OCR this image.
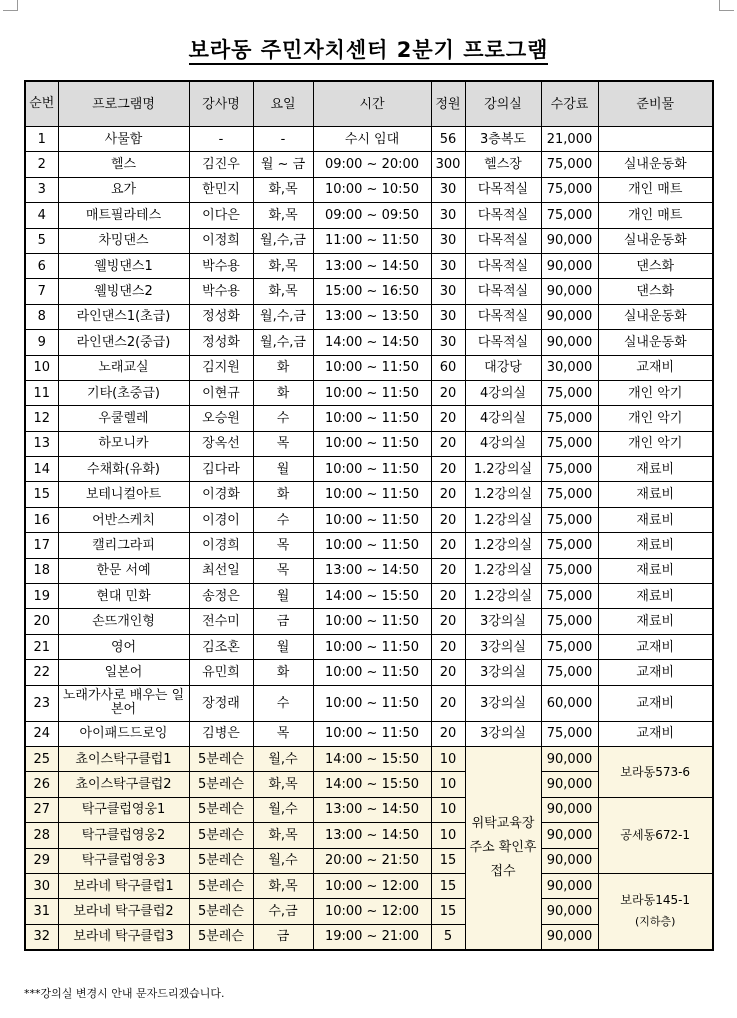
보라동 주민자치센터 2분기 프로그램
순번	프로그램명	강사명	요일	시간	정원	강의실	수강료	준비물
1	사물함	-	-	수시 임대	56	3층복도	21,000	
2	헬스	김진우	월 ~ 금	09:00 ~ 20:00	300	헬스장	75,000	실내운동화
3	요가	한민지	화,목	10:00 ~ 10:50	30	다목적실	75,000	개인 매트
4	매트필라테스	이다은	화,목	09:00 ~ 09:50	30	다목적실	75,000	개인 매트
5	차밍댄스	이정희	월,수,금	11:00 ~ 11:50	30	다목적실	90,000	실내운동화
6	웰빙댄스1	박수용	화,목	13:00 ~ 14:50	30	다목적실	90,000	댄스화
7	웰빙댄스2	박수용	화,목	15:00 ~ 16:50	30	다목적실	90,000	댄스화
8	라인댄스1(초급)	정성화	월,수,금	13:00 ~ 13:50	30	다목적실	90,000	실내운동화
9	라인댄스2(중급)	정성화	월,수,금	14:00 ~ 14:50	30	다목적실	90,000	실내운동화
10	노래교실	김지원	화	10:00 ~ 11:50	60	대강당	30,000	교재비
11	기타(초중급)	이현규	화	10:00 ~ 11:50	20	4강의실	75,000	개인 악기
12	우쿨렐레	오승원	수	10:00 ~ 11:50	20	4강의실	75,000	개인 악기
13	하모니카	장옥선	목	10:00 ~ 11:50	20	4강의실	75,000	개인 악기
14	수채화(유화)	김다라	월	10:00 ~ 11:50	20	1.2강의실	75,000	재료비
15	보테니컬아트	이경화	화	10:00 ~ 11:50	20	1.2강의실	75,000	재료비
16	어반스케치	이경이	수	10:00 ~ 11:50	20	1.2강의실	75,000	재료비
17	캘리그라피	이경희	목	10:00 ~ 11:50	20	1.2강의실	75,000	재료비
18	한문 서예	최선일	목	13:00 ~ 14:50	20	1.2강의실	75,000	재료비
19	현대 민화	송정은	월	14:00 ~ 15:50	20	1.2강의실	75,000	재료비
20	손뜨개인형	전수미	금	10:00 ~ 11:50	20	3강의실	75,000	재료비
21	영어	김조혼	월	10:00 ~ 11:50	20	3강의실	75,000	교재비
22	일본어	유민희	화	10:00 ~ 11:50	20	3강의실	75,000	교재비
23	노래가사로 배우는 일본어	장정래	수	10:00 ~ 11:50	20	3강의실	60,000	교재비
24	아이패드드로잉	김병은	목	10:00 ~ 11:50	20	3강의실	75,000	교재비
25	쵸이스탁구클럽1	5분레슨	월,수	14:00 ~ 15:50	10	위탁교육장 주소 확인후 접수	90,000	보라동573-6

26	쵸이스탁구클럽2	5분레슨	화,목	14:00 ~ 15:50	10		90,000	
27	탁구클럽영웅1	5분레슨	월,수	13:00 ~ 14:50	10		90,000	공세동672-1

28	탁구클럽영웅2	5분레슨	화,목	13:00 ~ 14:50	10		90,000	
29	탁구클럽영웅3	5분레슨	월,수	20:00 ~ 21:50	15		90,000	
30	보라네 탁구클럽1	5분레슨	화,목	10:00 ~ 12:00	15		90,000	보라동145-1
(지하층)

31	보라네 탁구클럽2	5분레슨	수,금	10:00 ~ 12:00	15		90,000	
32	보라네 탁구클럽3	5분레슨	금	19:00 ~ 21:00	5		90,000	
***강의실 변경시 안내 문자드리겠습니다.
